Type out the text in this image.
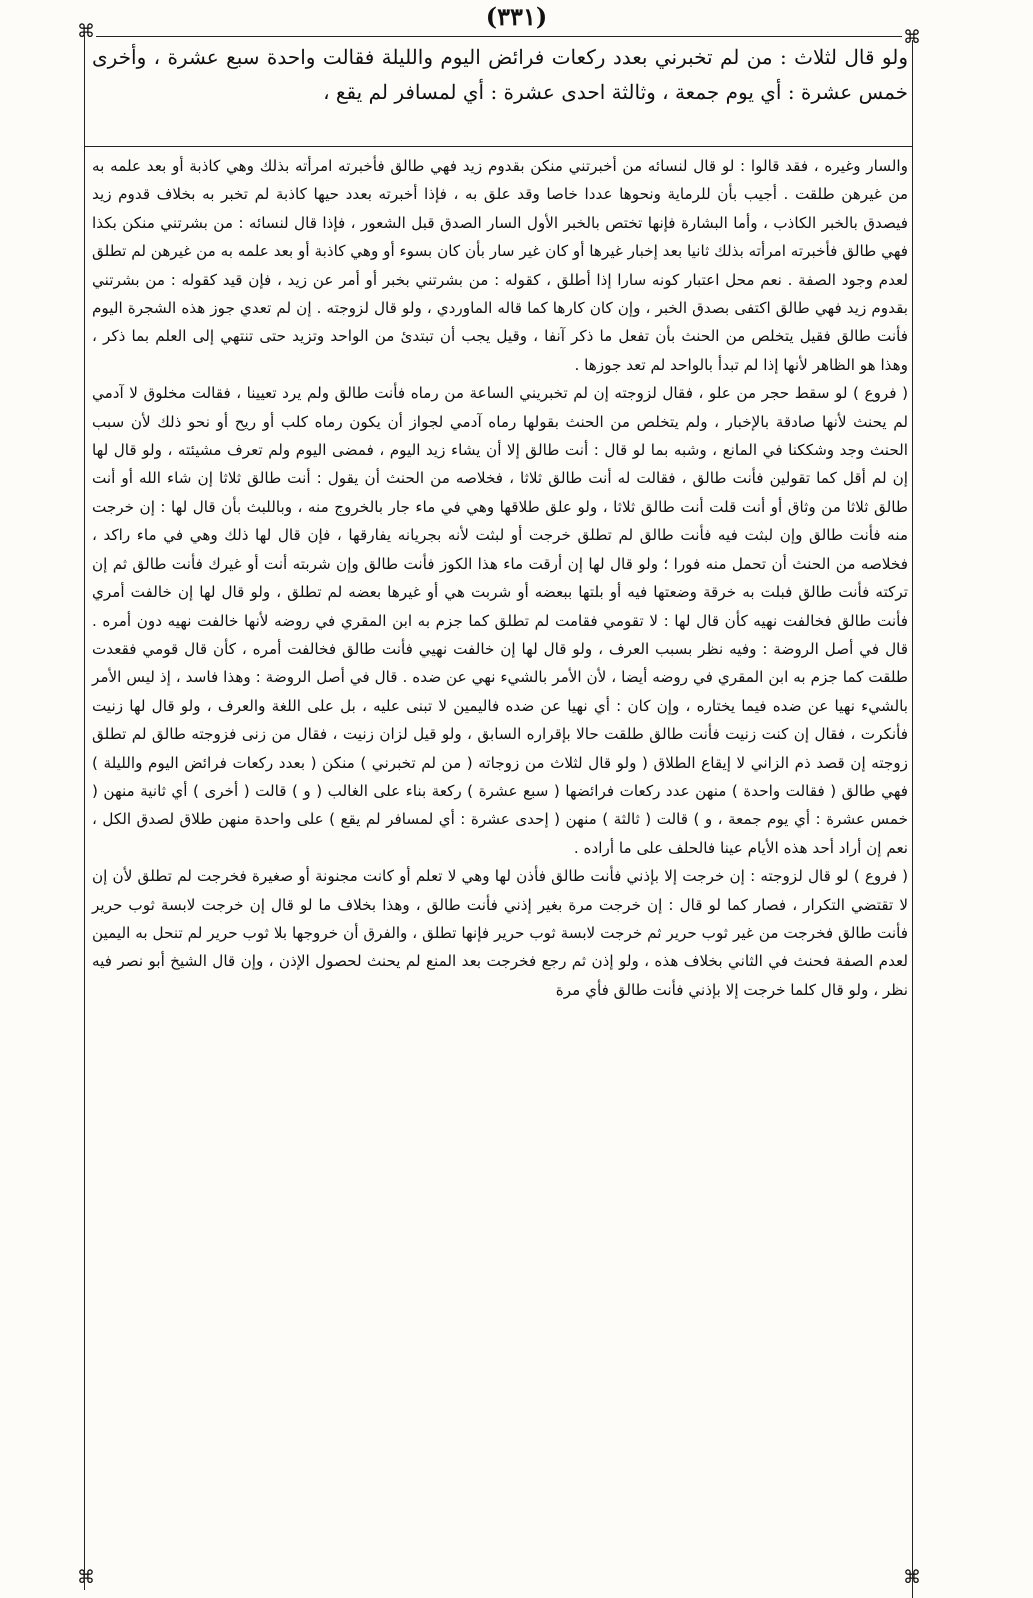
(٣٣١)
⌘	⌘
⌘	⌘
ولو قال لثلاث : من لم تخبرني بعدد ركعات فرائض اليوم والليلة فقالت واحدة سبع عشرة ، وأخرى خمس عشرة : أي يوم جمعة ، وثالثة احدى عشرة : أي لمسافر لم يقع ،

والسار وغيره ، فقد قالوا : لو قال لنسائه من أخبرتني منكن بقدوم زيد فهي طالق فأخبرته امرأته بذلك وهي كاذبة أو بعد علمه به من غيرهن طلقت . أجيب بأن للرماية ونحوها عددا خاصا وقد علق به ، فإذا أخبرته بعدد حيها كاذبة لم تخبر به بخلاف قدوم زيد فيصدق بالخبر الكاذب ، وأما البشارة فإنها تختص بالخبر الأول السار الصدق قبل الشعور ، فإذا قال لنسائه : من بشرتني منكن بكذا فهي طالق فأخبرته امرأته بذلك ثانيا بعد إخبار غيرها أو كان غير سار بأن كان بسوء أو وهي كاذبة أو بعد علمه به من غيرهن لم تطلق لعدم وجود الصفة . نعم محل اعتبار كونه سارا إذا أطلق ، كقوله : من بشرتني بخبر أو أمر عن زيد ، فإن قيد كقوله : من بشرتني بقدوم زيد فهي طالق اكتفى بصدق الخبر ، وإن كان كارها كما قاله الماوردي ، ولو قال لزوجته . إن لم تعدي جوز هذه الشجرة اليوم فأنت طالق فقيل يتخلص من الحنث بأن تفعل ما ذكر آنفا ، وقيل يجب أن تبتدئ من الواحد وتزيد حتى تنتهي إلى العلم بما ذكر ، وهذا هو الظاهر لأنها إذا لم تبدأ بالواحد لم تعد جوزها .

( فروع ) لو سقط حجر من علو ، فقال لزوجته إن لم تخبريني الساعة من رماه فأنت طالق ولم يرد تعيينا ، فقالت مخلوق لا آدمي لم يحنث لأنها صادقة بالإخبار ، ولم يتخلص من الحنث بقولها رماه آدمي لجواز أن يكون رماه كلب أو ريح أو نحو ذلك لأن سبب الحنث وجد وشككنا في المانع ، وشبه بما لو قال : أنت طالق إلا أن يشاء زيد اليوم ، فمضى اليوم ولم تعرف مشيئته ، ولو قال لها إن لم أقل كما تقولين فأنت طالق ، فقالت له أنت طالق ثلاثا ، فخلاصه من الحنث أن يقول : أنت طالق ثلاثا إن شاء الله أو أنت طالق ثلاثا من وثاق أو أنت قلت أنت طالق ثلاثا ، ولو علق طلاقها وهي في ماء جار بالخروج منه ، وباللبث بأن قال لها : إن خرجت منه فأنت طالق وإن لبثت فيه فأنت طالق لم تطلق خرجت أو لبثت لأنه بجريانه يفارقها ، فإن قال لها ذلك وهي في ماء راكد ، فخلاصه من الحنث أن تحمل منه فورا ؛ ولو قال لها إن أرقت ماء هذا الكوز فأنت طالق وإن شربته أنت أو غيرك فأنت طالق ثم إن تركته فأنت طالق فبلت به خرقة وضعتها فيه أو بلتها ببعضه أو شربت هي أو غيرها بعضه لم تطلق ، ولو قال لها إن خالفت أمري فأنت طالق فخالفت نهيه كأن قال لها : لا تقومي فقامت لم تطلق كما جزم به ابن المقري في روضه لأنها خالفت نهيه دون أمره . قال في أصل الروضة : وفيه نظر بسبب العرف ، ولو قال لها إن خالفت نهيي فأنت طالق فخالفت أمره ، كأن قال قومي فقعدت طلقت كما جزم به ابن المقري في روضه أيضا ، لأن الأمر بالشيء نهي عن ضده . قال في أصل الروضة : وهذا فاسد ، إذ ليس الأمر بالشيء نهيا عن ضده فيما يختاره ، وإن كان : أي نهيا عن ضده فاليمين لا تبنى عليه ، بل على اللغة والعرف ، ولو قال لها زنيت فأنكرت ، فقال إن كنت زنيت فأنت طالق طلقت حالا بإقراره السابق ، ولو قيل لزان زنيت ، فقال من زنى فزوجته طالق لم تطلق زوجته إن قصد ذم الزاني لا إيقاع الطلاق ( ولو قال لثلاث من زوجاته ( من لم تخبرني ) منكن ( بعدد ركعات فرائض اليوم والليلة ) فهي طالق ( فقالت واحدة ) منهن عدد ركعات فرائضها ( سبع عشرة ) ركعة بناء على الغالب ( و ) قالت ( أخرى ) أي ثانية منهن ( خمس عشرة : أي يوم جمعة ، و ) قالت ( ثالثة ) منهن ( إحدى عشرة : أي لمسافر لم يقع ) على واحدة منهن طلاق لصدق الكل ، نعم إن أراد أحد هذه الأيام عينا فالحلف على ما أراده .

( فروع ) لو قال لزوجته : إن خرجت إلا بإذني فأنت طالق فأذن لها وهي لا تعلم أو كانت مجنونة أو صغيرة فخرجت لم تطلق لأن إن لا تقتضي التكرار ، فصار كما لو قال : إن خرجت مرة بغير إذني فأنت طالق ، وهذا بخلاف ما لو قال إن خرجت لابسة ثوب حرير فأنت طالق فخرجت من غير ثوب حرير ثم خرجت لابسة ثوب حرير فإنها تطلق ، والفرق أن خروجها بلا ثوب حرير لم تنحل به اليمين لعدم الصفة فحنث في الثاني بخلاف هذه ، ولو إذن ثم رجع فخرجت بعد المنع لم يحنث لحصول الإذن ، وإن قال الشيخ أبو نصر فيه نظر ، ولو قال كلما خرجت إلا بإذني فأنت طالق فأي مرة
